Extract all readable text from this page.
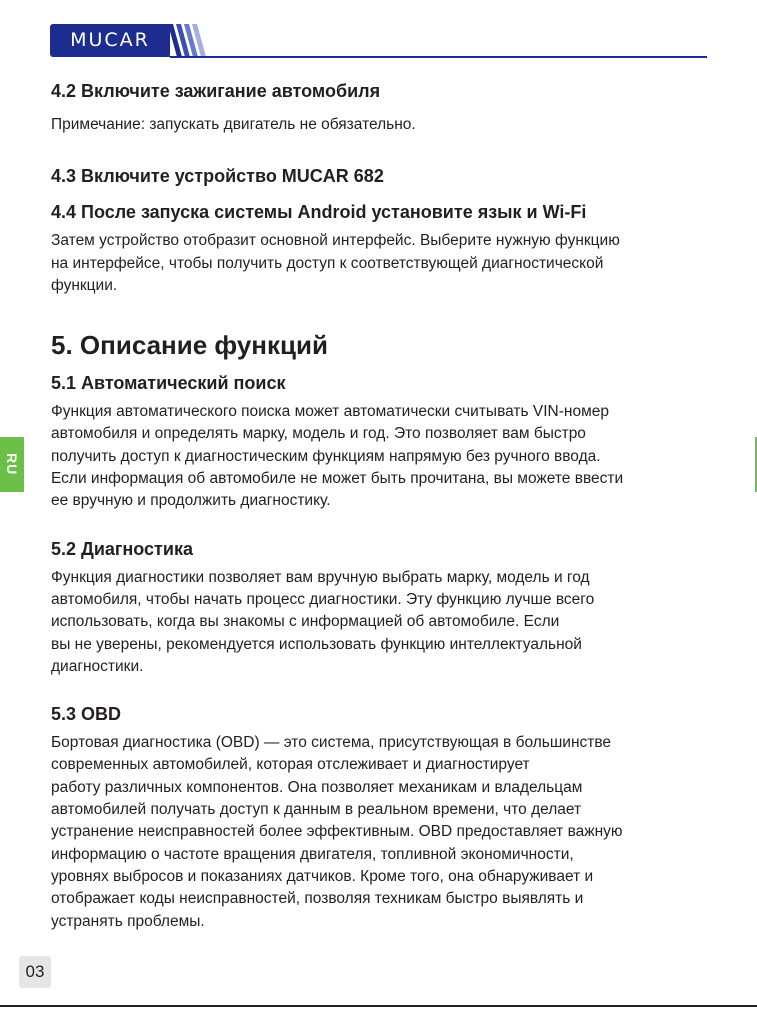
MUCAR
RU
4.2 Включите зажигание автомобиля
Примечание: запускать двигатель не обязательно.
4.3 Включите устройство MUCAR 682
4.4 После запуска системы Android установите язык и Wi-Fi
Затем устройство отобразит основной интерфейс. Выберите нужную функцию
на интерфейсе, чтобы получить доступ к соответствующей диагностической
функции.
5. Описание функций
5.1 Автоматический поиск
Функция автоматического поиска может автоматически считывать VIN-номер
автомобиля и определять марку, модель и год. Это позволяет вам быстро
получить доступ к диагностическим функциям напрямую без ручного ввода.
Если информация об автомобиле не может быть прочитана, вы можете ввести
ее вручную и продолжить диагностику.
5.2 Диагностика
Функция диагностики позволяет вам вручную выбрать марку, модель и год
автомобиля, чтобы начать процесс диагностики. Эту функцию лучше всего
использовать, когда вы знакомы с информацией об автомобиле. Если
вы не уверены, рекомендуется использовать функцию интеллектуальной
диагностики.
5.3 OBD
Бортовая диагностика (OBD) — это система, присутствующая в большинстве
современных автомобилей, которая отслеживает и диагностирует
работу различных компонентов. Она позволяет механикам и владельцам
автомобилей получать доступ к данным в реальном времени, что делает
устранение неисправностей более эффективным. OBD предоставляет важную
информацию о частоте вращения двигателя, топливной экономичности,
уровнях выбросов и показаниях датчиков. Кроме того, она обнаруживает и
отображает коды неисправностей, позволяя техникам быстро выявлять и
устранять проблемы.
03
